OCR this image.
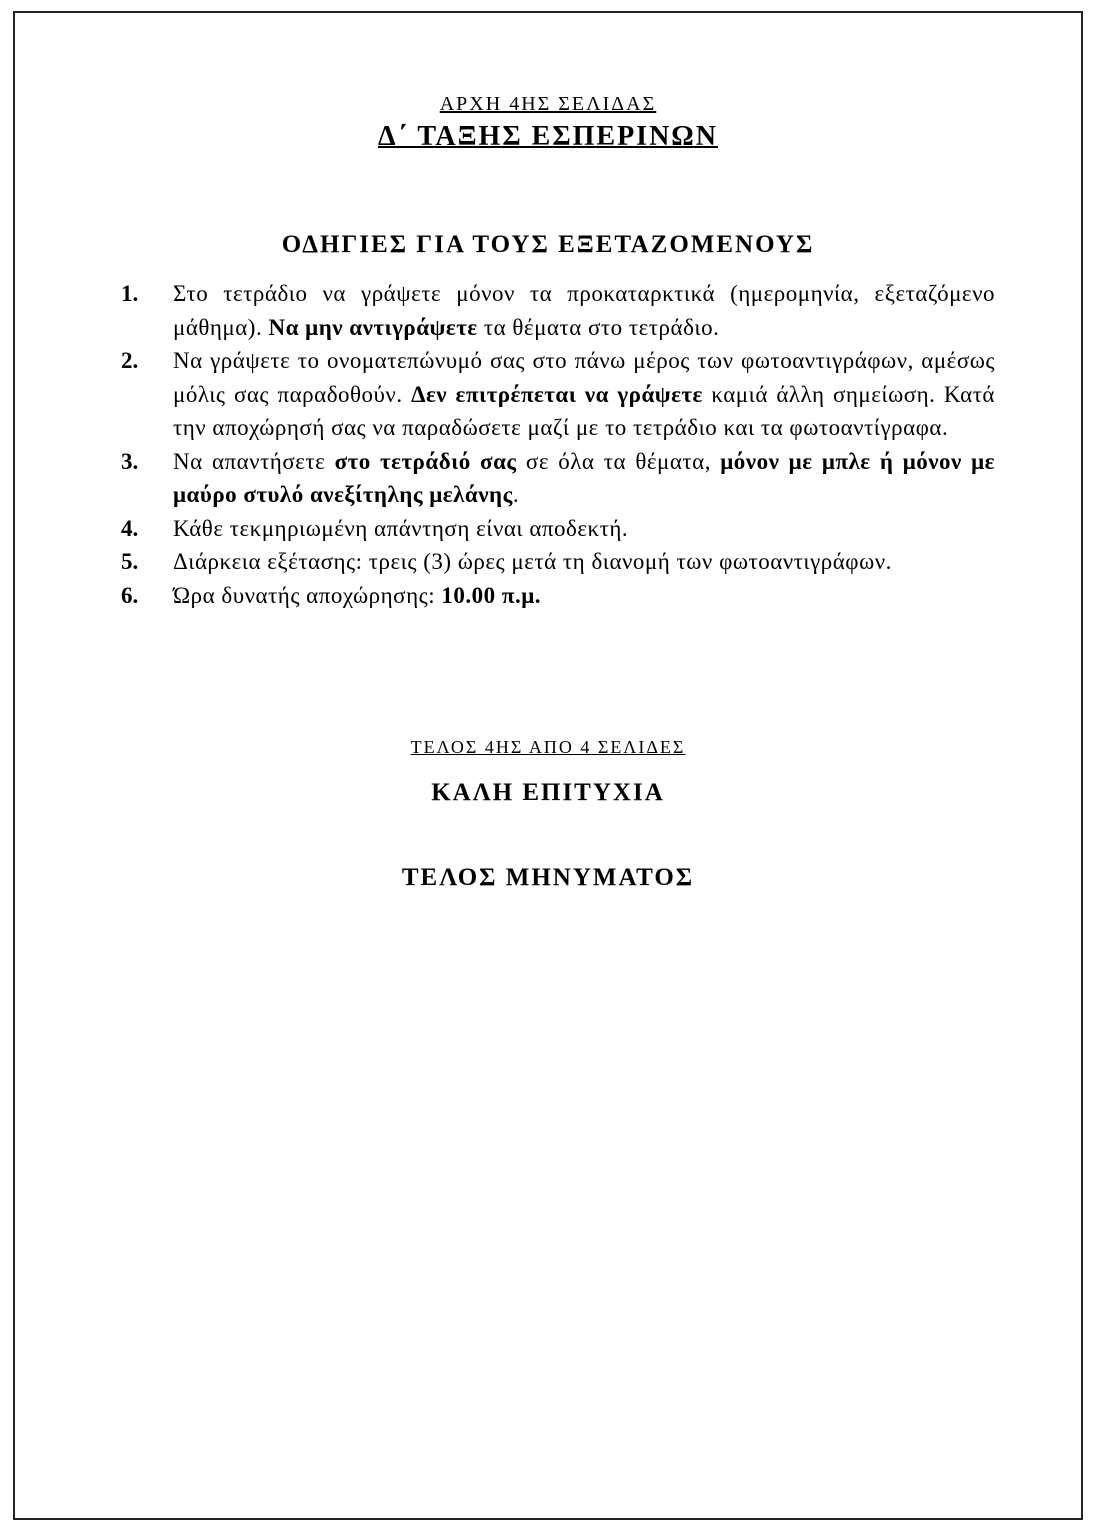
ΑΡΧΗ 4ΗΣ ΣΕΛΙΔΑΣ
Δ΄ ΤΑΞΗΣ ΕΣΠΕΡΙΝΩΝ
ΟΔΗΓΙΕΣ ΓΙΑ ΤΟΥΣ ΕΞΕΤΑΖΟΜΕΝΟΥΣ
1.	Στο τετράδιο να γράψετε μόνον τα προκαταρκτικά (ημερομηνία, εξεταζόμενο μάθημα). Να μην αντιγράψετε τα θέματα στο τετράδιο.
2.	Να γράψετε το ονοματεπώνυμό σας στο πάνω μέρος των φωτοαντιγράφων, αμέσως μόλις σας παραδοθούν. Δεν επιτρέπεται να γράψετε καμιά άλλη σημείωση. Κατά την αποχώρησή σας να παραδώσετε μαζί με το τετράδιο και τα φωτοαντίγραφα.
3.	Να απαντήσετε στο τετράδιό σας σε όλα τα θέματα, μόνον με μπλε ή μόνον με μαύρο στυλό ανεξίτηλης μελάνης.
4.	Κάθε τεκμηριωμένη απάντηση είναι αποδεκτή.
5.	Διάρκεια εξέτασης: τρεις (3) ώρες μετά τη διανομή των φωτοαντιγράφων.
6.	Ώρα δυνατής αποχώρησης: 10.00 π.μ.
ΚΑΛΗ ΕΠΙΤΥΧΙΑ
ΤΕΛΟΣ ΜΗΝΥΜΑΤΟΣ
ΤΕΛΟΣ 4ΗΣ ΑΠΟ 4 ΣΕΛΙΔΕΣ
